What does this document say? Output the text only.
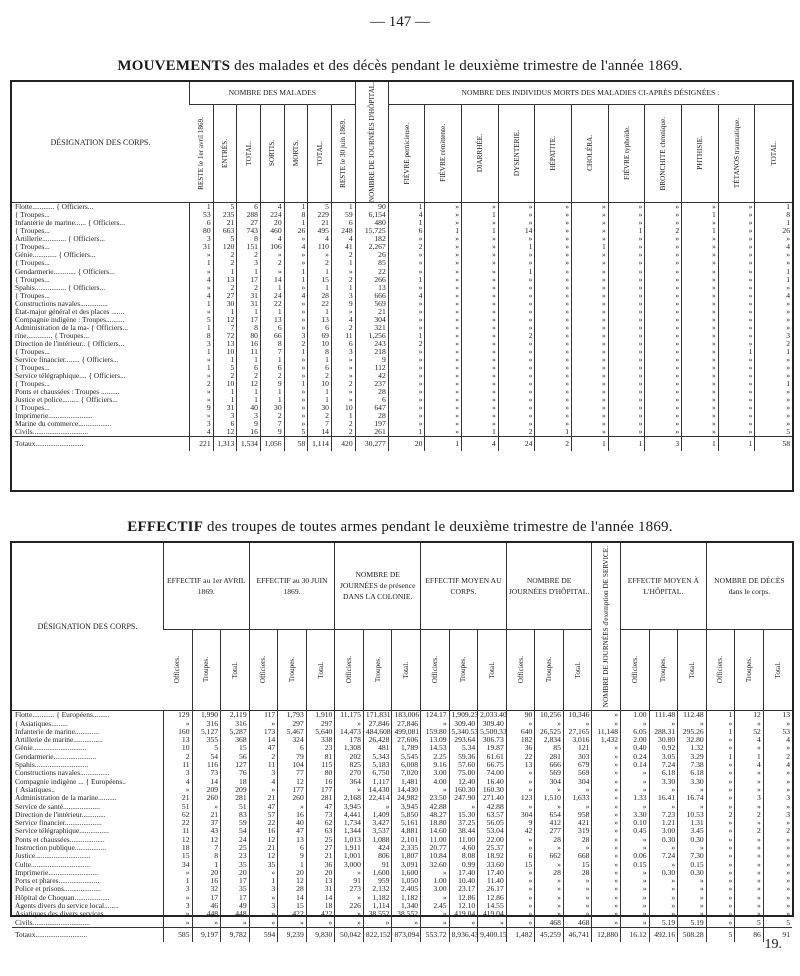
— 147 —
MOUVEMENTS des malades et des décès pendant le deuxième trimestre de l'année 1869.
DÉSIGNATION DES CORPS.	NOMBRE DES MALADES							NOMBRE DE JOURNÉES D'HÔPITAL.	NOMBRE DES INDIVIDUS MORTS DES MALADIES CI-APRÈS DÉSIGNÉES :										

	RESTE le 1er avril 1869.	ENTRÉS.	TOTAL.	SORTIS.	MORTS.	TOTAL.	RESTE le 30 juin 1869.		FIÈVRE pernicieuse.	FIÈVRE rémittente.	DIARRHÉE.	DYSENTERIE.	HÉPATITE.	CHOLÉRA.	FIÈVRE typhoïde.	BRONCHITE chronique.	PHTHISIE.	TÉTANOS traumatique.	TOTAL.

Flotte............ { Officiers...	1	5	6	4	1	5	1	90	1	»	»	»	»	»	»	»	»	»	1
{ Troupes...	53	235	288	224	8	229	59	6,154	4	»	1	»	»	»	»	»	1	»	8
Infanterie de marine...... { Officiers...	6	21	27	20	1	21	6	480	1	»	»	»	»	»	»	»	»	»	1
{ Troupes...	80	663	743	460	26	495	248	15,725	6	1	1	14	»	»	1	2	1	»	26
Artillerie............. { Officiers...	3	5	8	4	»	4	4	182	»	»	»	»	»	»	»	»	»	»	»
{ Troupes...	31	120	151	106	4	110	41	2,267	2	»	»	1	»	1	»	»	»	»	4
Génie............. { Officiers...	»	2	2	»	»	»	2	26	»	»	»	»	»	»	»	»	»	»	»
{ Troupes...	1	2	3	2	»	2	1	85	»	»	»	»	»	»	»	»	»	»	»
Gendarmerie............ { Officiers...	»	1	1	»	1	1	»	22	»	»	»	1	»	»	»	»	»	»	1
{ Troupes...	4	13	17	14	1	15	2	266	1	»	»	»	»	»	»	»	»	»	1
Spahis................. { Officiers...	»	2	2	1	»	1	1	13	»	»	»	»	»	»	»	»	»	»	»
{ Troupes...	4	27	31	24	4	28	3	666	4	»	»	»	»	»	»	»	»	»	4
Constructions navales...............	1	30	31	22	»	22	9	569	»	»	»	»	»	»	»	»	»	»	»
État-major général et des places .......	»	1	1	1	»	1	»	21	»	»	»	»	»	»	»	»	»	»	»
Compagnie indigène : Troupes..........	5	12	17	13	»	13	4	304	»	»	»	»	»	»	»	»	»	»	»
Administration de la ma- { Officiers...	1	7	8	6	»	6	2	321	»	»	»	»	»	»	»	»	»	»	»
rine.............. { Troupes...	8	72	80	66	3	69	11	1,256	1	»	»	2	»	»	»	»	»	»	3
Direction de l'intérieur.. { Officiers...	3	13	16	8	2	10	6	243	2	»	»	»	»	»	»	»	»	»	2
{ Troupes...	1	10	11	7	1	8	3	218	»	»	»	»	»	»	»	»	»	1	1
Service financier........ { Officiers...	»	1	1	1	»	1	»	9	»	»	»	»	»	»	»	»	»	»	»
{ Troupes...	1	5	6	6	»	6	»	112	»	»	»	»	»	»	»	»	»	»	»
Service télégraphique.... { Officiers...	»	2	2	2	»	2	»	42	»	»	»	»	»	»	»	»	»	»	»
{ Troupes...	2	10	12	9	1	10	2	237	»	»	»	»	»	»	»	»	»	»	1
Ponts et chaussées : Troupes ..........	»	1	1	1	»	1	»	28	»	»	»	»	»	»	»	»	»	»	»
Justice et police......... { Officiers...	»	1	1	1	»	1	»	6	»	»	»	»	»	»	»	»	»	»	»
{ Troupes...	9	31	40	30	»	30	10	647	»	»	»	»	»	»	»	»	»	»	»
Imprimerie........................	»	3	3	2	»	2	1	28	»	»	»	»	»	»	»	»	»	»	»
Marine du commerce..................	3	6	9	7	»	7	2	197	»	»	»	»	»	»	»	»	»	»	»
Civils..............................	4	12	16	9	5	14	2	261	1	»	1	2	1	»	»	»	»	»	5
Totaux..........................	221	1,313	1,534	1,056	58	1,114	420	30,277	20	1	4	24	2	1	1	3	1	1	58
EFFECTIF des troupes de toutes armes pendant le deuxième trimestre de l'année 1869.
DÉSIGNATION DES CORPS.	EFFECTIF au 1er AVRIL 1869.			EFFECTIF au 30 JUIN 1869.			NOMBRE DE JOURNÉES de présence DANS LA COLONIE.			EFFECTIF MOYEN AU CORPS.			NOMBRE DE JOURNÉES D'HÔPITAL.			NOMBRE DE JOURNÉES d'exemption DE SERVICE.	EFFECTIF MOYEN À L'HÔPITAL.			NOMBRE DE DÉCÈS dans le corps.		

	Officiers.	Troupes.	Total.	Officiers.	Troupes.	Total.	Officiers.	Troupes.	Total.	Officiers.	Troupes.	Total.	Officiers.	Troupes.	Total.		Officiers.	Troupes.	Total.	Officiers.	Troupes.	Total.

Flotte............ { Européens.........	129	1,990	2,119	117	1,793	1,910	11,175	171,831	183,006	124.17	1,909.23	2,033.40	90	10,256	10,346	»	1.00	111.48	112.48	1	12	13
{ Asiatiques.........	»	316	316	»	297	297	»	27,846	27,846	»	309.40	309.40	»	»	»	»	»	»	»	»	»	»
Infanterie de marine.............	160	5,127	5,287	173	5,467	5,640	14,473	484,608	499,081	159.80	5,340.53	5,500.33	640	26,525	27,165	11,148	6.05	288.31	295.26	1	52	53
Artillerie de marine................	13	355	368	14	324	338	178	26,428	27,606	13.09	293.64	306.73	182	2,834	3,016	1,432	2.00	30.80	32.80	»	4	4
Génie.............................	10	5	15	47	6	23	1,308	481	1,789	14.53	5.34	19.87	36	85	121	»	0.40	0.92	1.32	»	»	»
Gendarmerie.......................	2	54	56	2	79	81	202	5,343	5,545	2.25	59.36	61.61	22	281	303	»	0.24	3.05	3.29	1	1	2
Spahis.............................	11	116	127	11	104	115	825	5,183	6,008	9.16	57.60	66.75	13	666	679	»	0.14	7.24	7.38	»	4	4
Constructions navales................	3	73	76	3	77	80	270	6,750	7,020	3.00	75.00	74.00	»	569	569	»	»	6.18	6.18	»	»	»
Compagnie indigène ... { Européens..	4	14	18	4	12	16	364	1,117	1,481	4.00	12.40	16.40	»	304	304	»	»	3.30	3.30	»	»	»
{ Asiatiques..	»	209	209	»	177	177	»	14,430	14,430	»	160.30	160.30	»	»	»	»	»	»	»	»	»	»
Administration de la marine..........	21	260	281	21	260	281	2,168	22,414	24,982	23.50	247.90	271.40	123	1,510	1,633	»	1.33	16.41	16.74	»	3	3
Service de santé....................	51	»	51	47	»	47	3,945	»	3,945	42.88	»	42.88	»	»	»	»	»	»	»	»	»	»
Direction de l'intérieur.............	62	21	83	57	16	73	4,441	1,409	5,850	48.27	15.30	63.57	304	654	958	»	3.30	7.23	10.53	2	2	3
Service financier....................	22	37	59	22	40	62	1,734	3,427	5,161	18.80	37.25	56.05	9	412	421	»	0.10	1.21	1.31	»	»	»
Service télégraphique................	11	43	54	16	47	63	1,344	3,537	4,881	14.60	38.44	53.04	42	277	319	»	0.45	3.00	3.45	»	2	2
Ponts et chaussées...................	12	12	24	12	13	25	1,013	1,088	2,101	11.00	11.00	22.00	»	28	28	»	»	0.30	0.30	»	»	»
Instruction publique.................	18	7	25	21	6	27	1,911	424	2,335	20.77	4.60	25.37	»	»	»	»	»	»	»	»	»	»
Justice..............................	15	8	23	12	9	21	1,001	806	1,807	10.84	8.08	18.92	6	662	668	»	0.06	7.24	7.30	»	»	»
Culte................................	34	1	35	35	1	36	3,000	91	3,091	32.60	0.99	33.60	15	»	15	»	0.15	»	0.15	»	»	»
Imprimerie...........................	»	20	20	»	20	20	»	1,600	1,600	»	17.40	17.40	»	28	28	»	»	0.30	0.30	»	»	»
Ports et phares......................	1	16	17	1	12	13	91	959	1,050	1.00	10.40	11.40	»	»	»	»	»	»	»	»	»	»
Police et prisons....................	3	32	35	3	28	31	273	2,132	2,405	3.00	23.17	26.17	»	»	»	»	»	»	»	»	»	»
Hôpital de Choquan...................	»	17	17	»	14	14	»	1,182	1,182	»	12.86	12.86	»	»	»	»	»	»	»	»	»	»
Agents divers du service local........	3	46	49	3	15	18	226	1,114	1,340	2.45	12.10	14.55	»	»	»	»	»	»	»	»	»	»
Asiatiques des divers services........	»	448	448	»	422	422	»	38,552	38,552	»	419.04	419.04	»	»	»	»	»	»	»	»	»	»
Civils...............................	»	»	»	»	»	»	»	»	»	»	»	»	»	468	468	»	»	5.19	5.19	»	5	5
Totaux............................	585	9,197	9,782	594	9,239	9,830	50,042	822,152	873,094	553.72	8,936.43	9,400.15	1,482	45,259	46,741	12,880	16.12	492.16	508.28	5	86	91
19.
